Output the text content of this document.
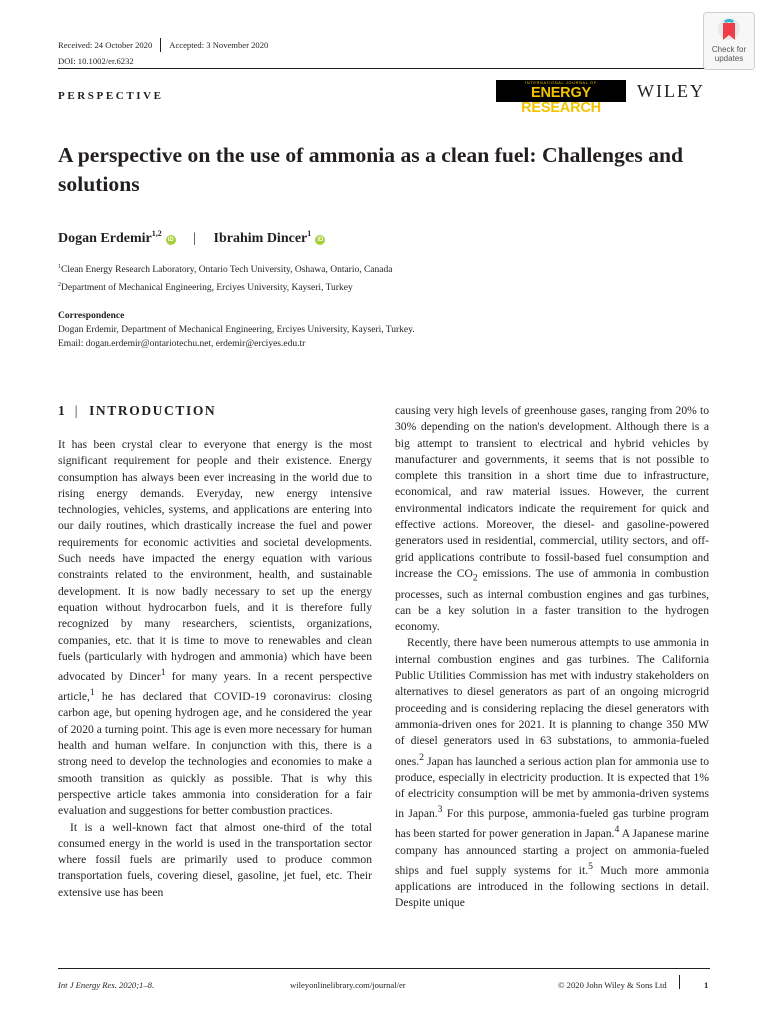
Received: 24 October 2020 Accepted: 3 November 2020
DOI: 10.1002/er.6232
Check for
updates
PERSPECTIVE
INTERNATIONAL JOURNAL OF
ENERGY RESEARCH
WILEY
A perspective on the use of ammonia as a clean fuel: Challenges and solutions
Dogan Erdemir$^{1,2}$iD | Ibrahim Dincer$^1$iD
$^1$Clean Energy Research Laboratory, Ontario Tech University, Oshawa, Ontario, Canada
$^2$Department of Mechanical Engineering, Erciyes University, Kayseri, Turkey
Correspondence
Dogan Erdemir, Department of Mechanical Engineering, Erciyes University, Kayseri, Turkey.
Email: dogan.erdemir@ontariotechu.net, erdemir@erciyes.edu.tr
1 | INTRODUCTION

It has been crystal clear to everyone that energy is the most significant requirement for people and their existence. Energy consumption has always been ever increasing in the world due to rising energy demands. Everyday, new energy intensive technologies, vehicles, systems, and applications are entering into our daily routines, which drastically increase the fuel and power requirements for economic activities and societal developments. Such needs have impacted the energy equation with various constraints related to the environment, health, and sustainable development. It is now badly necessary to set up the energy equation without hydrocarbon fuels, and it is therefore fully recognized by many researchers, scientists, organizations, companies, etc. that it is time to move to renewables and clean fuels (particularly with hydrogen and ammonia) which have been advocated by Dincer$^1$ for many years. In a recent perspective article,$^1$ he has declared that COVID-19 coronavirus: closing carbon age, but opening hydrogen age, and he considered the year of 2020 a turning point. This age is even more necessary for human health and human welfare. In conjunction with this, there is a strong need to develop the technologies and economies to make a smooth transition as quickly as possible. That is why this perspective article takes ammonia into consideration for a fair evaluation and suggestions for better combustion practices.

It is a well-known fact that almost one-third of the total consumed energy in the world is used in the transportation sector where fossil fuels are primarily used to produce common transportation fuels, covering diesel, gasoline, jet fuel, etc. Their extensive use has been

causing very high levels of greenhouse gases, ranging from 20% to 30% depending on the nation's development. Although there is a big attempt to transient to electrical and hybrid vehicles by manufacturer and governments, it seems that is not possible to complete this transition in a short time due to infrastructure, economical, and raw material issues. However, the current environmental indicators indicate the requirement for quick and effective actions. Moreover, the diesel- and gasoline-powered generators used in residential, commercial, utility sectors, and off-grid applications contribute to fossil-based fuel consumption and increase the $CO_2$ emissions. The use of ammonia in combustion processes, such as internal combustion engines and gas turbines, can be a key solution in a faster transition to the hydrogen economy.

Recently, there have been numerous attempts to use ammonia in internal combustion engines and gas turbines. The California Public Utilities Commission has met with industry stakeholders on alternatives to diesel generators as part of an ongoing microgrid proceeding and is considering replacing the diesel generators with ammonia-driven ones for 2021. It is planning to change 350 MW of diesel generators used in 63 substations, to ammonia-fueled ones.$^2$ Japan has launched a serious action plan for ammonia use to produce, especially in electricity production. It is expected that 1% of electricity consumption will be met by ammonia-driven systems in Japan.$^3$ For this purpose, ammonia-fueled gas turbine program has been started for power generation in Japan.$^4$ A Japanese marine company has announced starting a project on ammonia-fueled ships and fuel supply systems for it.$^5$ Much more ammonia applications are introduced in the following sections in detail. Despite unique

Int J Energy Res. 2020;1–8.	wileyonlinelibrary.com/journal/er	© 2020 John Wiley & Sons Ltd	1
